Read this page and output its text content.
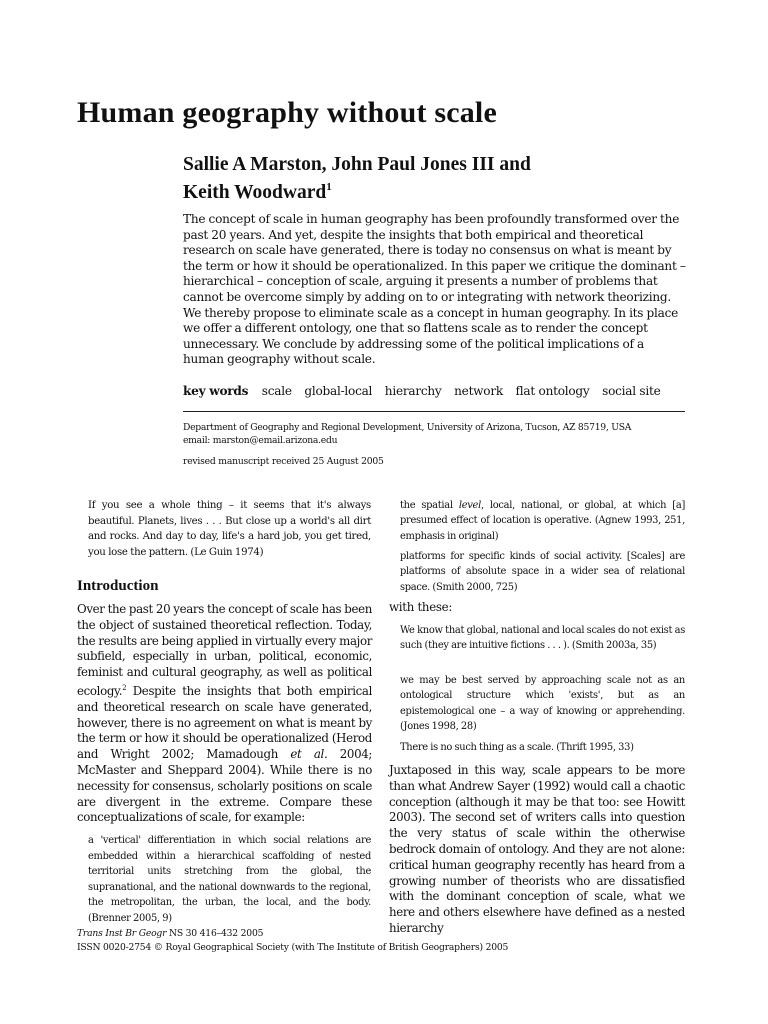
Human geography without scale
Sallie A Marston, John Paul Jones III and
Keith Woodward$^1$

The concept of scale in human geography has been profoundly transformed over the past 20 years. And yet, despite the insights that both empirical and theoretical research on scale have generated, there is today no consensus on what is meant by the term or how it should be operationalized. In this paper we critique the dominant – hierarchical – conception of scale, arguing it presents a number of problems that cannot be overcome simply by adding on to or integrating with network theorizing. We thereby propose to eliminate scale as a concept in human geography. In its place we offer a different ontology, one that so flattens scale as to render the concept unnecessary. We conclude by addressing some of the political implications of a human geography without scale.

key words scale global-local hierarchy network flat ontology social site
Department of Geography and Regional Development, University of Arizona, Tucson, AZ 85719, USA
email: marston@email.arizona.edu
revised manuscript received 25 August 2005

If you see a whole thing – it seems that it's always beautiful. Planets, lives . . . But close up a world's all dirt and rocks. And day to day, life's a hard job, you get tired, you lose the pattern. (Le Guin 1974)

Introduction

Over the past 20 years the concept of scale has been the object of sustained theoretical reflection. Today, the results are being applied in virtually every major subfield, especially in urban, political, economic, feminist and cultural geography, as well as political ecology.$^2$ Despite the insights that both empirical and theoretical research on scale have generated, however, there is no agreement on what is meant by the term or how it should be operationalized (Herod and Wright 2002; Mamadough et al. 2004; McMaster and Sheppard 2004). While there is no necessity for consensus, scholarly positions on scale are divergent in the extreme. Compare these conceptualizations of scale, for example:

a 'vertical' differentiation in which social relations are embedded within a hierarchical scaffolding of nested territorial units stretching from the global, the supranational, and the national downwards to the regional, the metropolitan, the urban, the local, and the body. (Brenner 2005, 9)

the spatial level, local, national, or global, at which [a] presumed effect of location is operative. (Agnew 1993, 251, emphasis in original)

platforms for specific kinds of social activity. [Scales] are platforms of absolute space in a wider sea of relational space. (Smith 2000, 725)

with these:

We know that global, national and local scales do not exist as such (they are intuitive fictions . . . ). (Smith 2003a, 35)

we may be best served by approaching scale not as an ontological structure which 'exists', but as an epistemological one – a way of knowing or apprehending. (Jones 1998, 28)

There is no such thing as a scale. (Thrift 1995, 33)

Juxtaposed in this way, scale appears to be more than what Andrew Sayer (1992) would call a chaotic conception (although it may be that too: see Howitt 2003). The second set of writers calls into question the very status of scale within the otherwise bedrock domain of ontology. And they are not alone: critical human geography recently has heard from a growing number of theorists who are dissatisfied with the dominant conception of scale, what we here and others elsewhere have defined as a nested hierarchy

Trans Inst Br Geogr NS 30 416–432 2005
ISSN 0020-2754 © Royal Geographical Society (with The Institute of British Geographers) 2005
